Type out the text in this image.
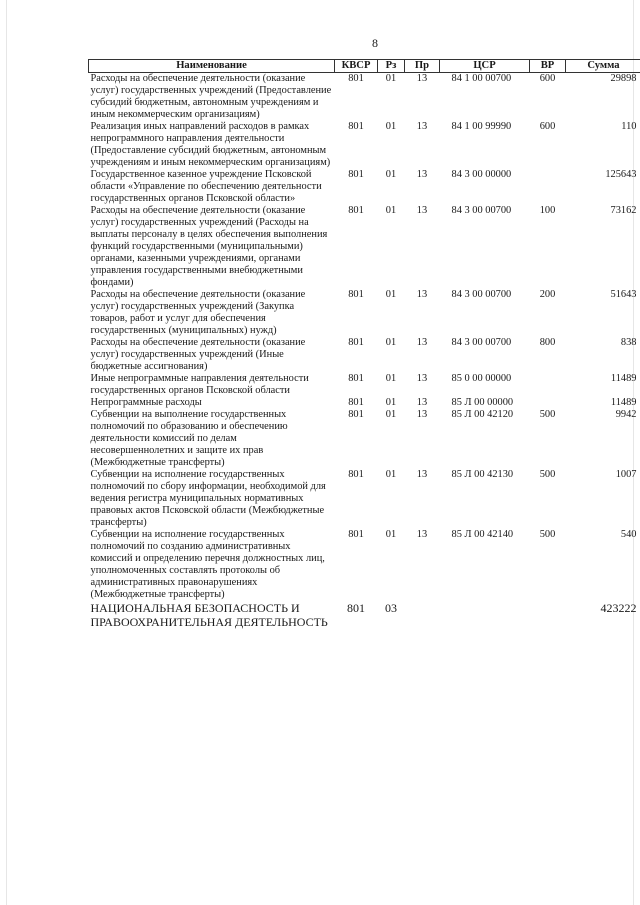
8
Наименование	КВСР	Рз	Пр	ЦСР	ВР	Сумма
Расходы на обеспечение деятельности (оказание услуг) государственных учреждений (Предоставление субсидий бюджетным, автономным учреждениям и иным некоммерческим организациям)	801	01	13	84 1 00 00700	600	29898
Реализация иных направлений расходов в рамках непрограммного направления деятельности (Предоставление субсидий бюджетным, автономным учреждениям и иным некоммерческим организациям)	801	01	13	84 1 00 99990	600	110
Государственное казенное учреждение Псковской области «Управление по обеспечению деятельности государственных органов Псковской области»	801	01	13	84 3 00 00000		125643
Расходы на обеспечение деятельности (оказание услуг) государственных учреждений (Расходы на выплаты персоналу в целях обеспечения выполнения функций государственными (муниципальными) органами, казенными учреждениями, органами управления государственными внебюджетными фондами)	801	01	13	84 3 00 00700	100	73162
Расходы на обеспечение деятельности (оказание услуг) государственных учреждений (Закупка товаров, работ и услуг для обеспечения государственных (муниципальных) нужд)	801	01	13	84 3 00 00700	200	51643
Расходы на обеспечение деятельности (оказание услуг) государственных учреждений (Иные бюджетные ассигнования)	801	01	13	84 3 00 00700	800	838
Иные непрограммные направления деятельности государственных органов Псковской области	801	01	13	85 0 00 00000		11489
Непрограммные расходы	801	01	13	85 Л 00 00000		11489
Субвенции на выполнение государственных полномочий по образованию и обеспечению деятельности комиссий по делам несовершеннолетних и защите их прав (Межбюджетные трансферты)	801	01	13	85 Л 00 42120	500	9942
Субвенции на исполнение государственных полномочий по сбору информации, необходимой для ведения регистра муниципальных нормативных правовых актов Псковской области (Межбюджетные трансферты)	801	01	13	85 Л 00 42130	500	1007
Субвенции на исполнение государственных полномочий по созданию административных комиссий и определению перечня должностных лиц, уполномоченных составлять протоколы об административных правонарушениях (Межбюджетные трансферты)	801	01	13	85 Л 00 42140	500	540
НАЦИОНАЛЬНАЯ БЕЗОПАСНОСТЬ И ПРАВООХРАНИТЕЛЬНАЯ ДЕЯТЕЛЬНОСТЬ	801	03				423222
